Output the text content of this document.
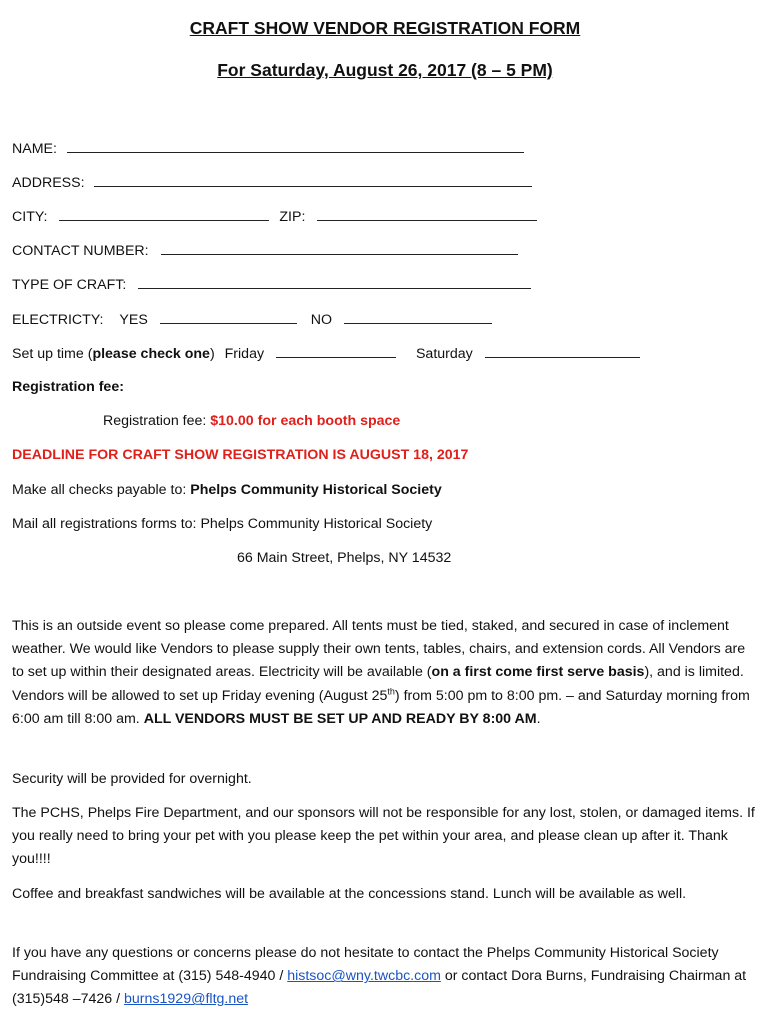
CRAFT SHOW VENDOR REGISTRATION FORM
For Saturday, August 26, 2017 (8 – 5 PM)
NAME:
ADDRESS:
CITY:	ZIP:
CONTACT NUMBER:
TYPE OF CRAFT:
ELECTRICTY: YES	NO
Set up time (please check one) Friday	Saturday
Registration fee:
Registration fee: $10.00 for each booth space
DEADLINE FOR CRAFT SHOW REGISTRATION IS AUGUST 18, 2017
Make all checks payable to: Phelps Community Historical Society
Mail all registrations forms to: Phelps Community Historical Society
66 Main Street, Phelps, NY 14532

This is an outside event so please come prepared. All tents must be tied, staked, and secured in case of inclement weather. We would like Vendors to please supply their own tents, tables, chairs, and extension cords. All Vendors are to set up within their designated areas. Electricity will be available (on a first come first serve basis), and is limited. Vendors will be allowed to set up Friday evening (August 25th) from 5:00 pm to 8:00 pm. – and Saturday morning from 6:00 am till 8:00 am. ALL VENDORS MUST BE SET UP AND READY BY 8:00 AM.

Security will be provided for overnight.
The PCHS, Phelps Fire Department, and our sponsors will not be responsible for any lost, stolen, or damaged items. If you really need to bring your pet with you please keep the pet within your area, and please clean up after it. Thank you!!!!
Coffee and breakfast sandwiches will be available at the concessions stand. Lunch will be available as well.

If you have any questions or concerns please do not hesitate to contact the Phelps Community Historical Society Fundraising Committee at (315) 548-4940 / histsoc@wny.twcbc.com or contact Dora Burns, Fundraising Chairman at (315)548 –7426 / burns1929@fltg.net
